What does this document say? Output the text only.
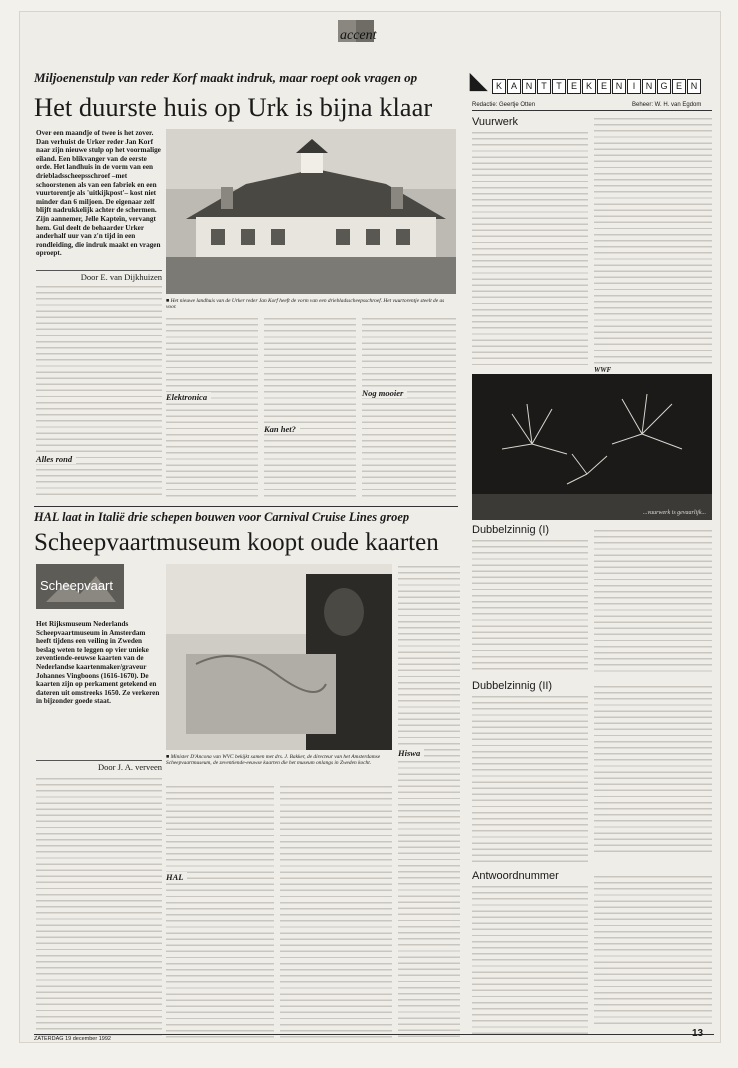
accent
Miljoenenstulp van reder Korf maakt indruk, maar roept ook vragen op
Het duurste huis op Urk is bijna klaar
Over een maandje of twee is het zover. Dan verhuist de Urker reder Jan Korf naar zijn nieuwe stulp op het voormalige eiland. Een blikvanger van de eerste orde. Het landhuis in de vorm van een driebladsscheepsschroef –met schoorstenen als van een fabriek en een vuurtorentje als 'uitkijkpost'– kost niet minder dan 6 miljoen. De eigenaar zelf blijft nadrukkelijk achter de schermen. Zijn aannemer, Jelle Kapteïn, vervangt hem. Gul deelt de behaarder Urker anderhalf uur van z'n tijd in een rondleiding, die indruk maakt en vragen oproept.
Door E. van Dijkhuizen
■ Het nieuwe landhuis van de Urker reder Jan Korf heeft de vorm van een driebladsscheepsschroef. Het vuurtorentje steelt de as voor.
Alles rond
Elektronica
Kan het?
Nog mooier
HAL laat in Italië drie schepen bouwen voor Carnival Cruise Lines groep
Scheepvaartmuseum koopt oude kaarten
Scheepvaart
Het Rijksmuseum Nederlands Scheepvaartmuseum in Amsterdam heeft tijdens een veiling in Zweden beslag weten te leggen op vier unieke zeventiende-eeuwse kaarten van de Nederlandse kaartenmaker/graveur Johannes Vingboons (1616-1670). De kaarten zijn op perkament getekend en dateren uit omstreeks 1650. Ze verkeren in bijzonder goede staat.
Door J. A. verveen
■ Minister D'Ancona van WVC bekijkt samen met drs. J. Bakker, de directeur van het Amsterdamse Scheepvaartmuseum, de zeventiende-eeuwse kaarten die het museum onlangs in Zweden kocht.
HAL
Hiswa
◣	K A N T T E K E N I N G E N
Redactie: Geertje Otten	Beheer: W. H. van Egdom
Vuurwerk
WWF
...vuurwerk is gevaarlijk...
Dubbelzinnig (I)
Dubbelzinnig (II)
Antwoordnummer
ZATERDAG 19 december 1992	13
